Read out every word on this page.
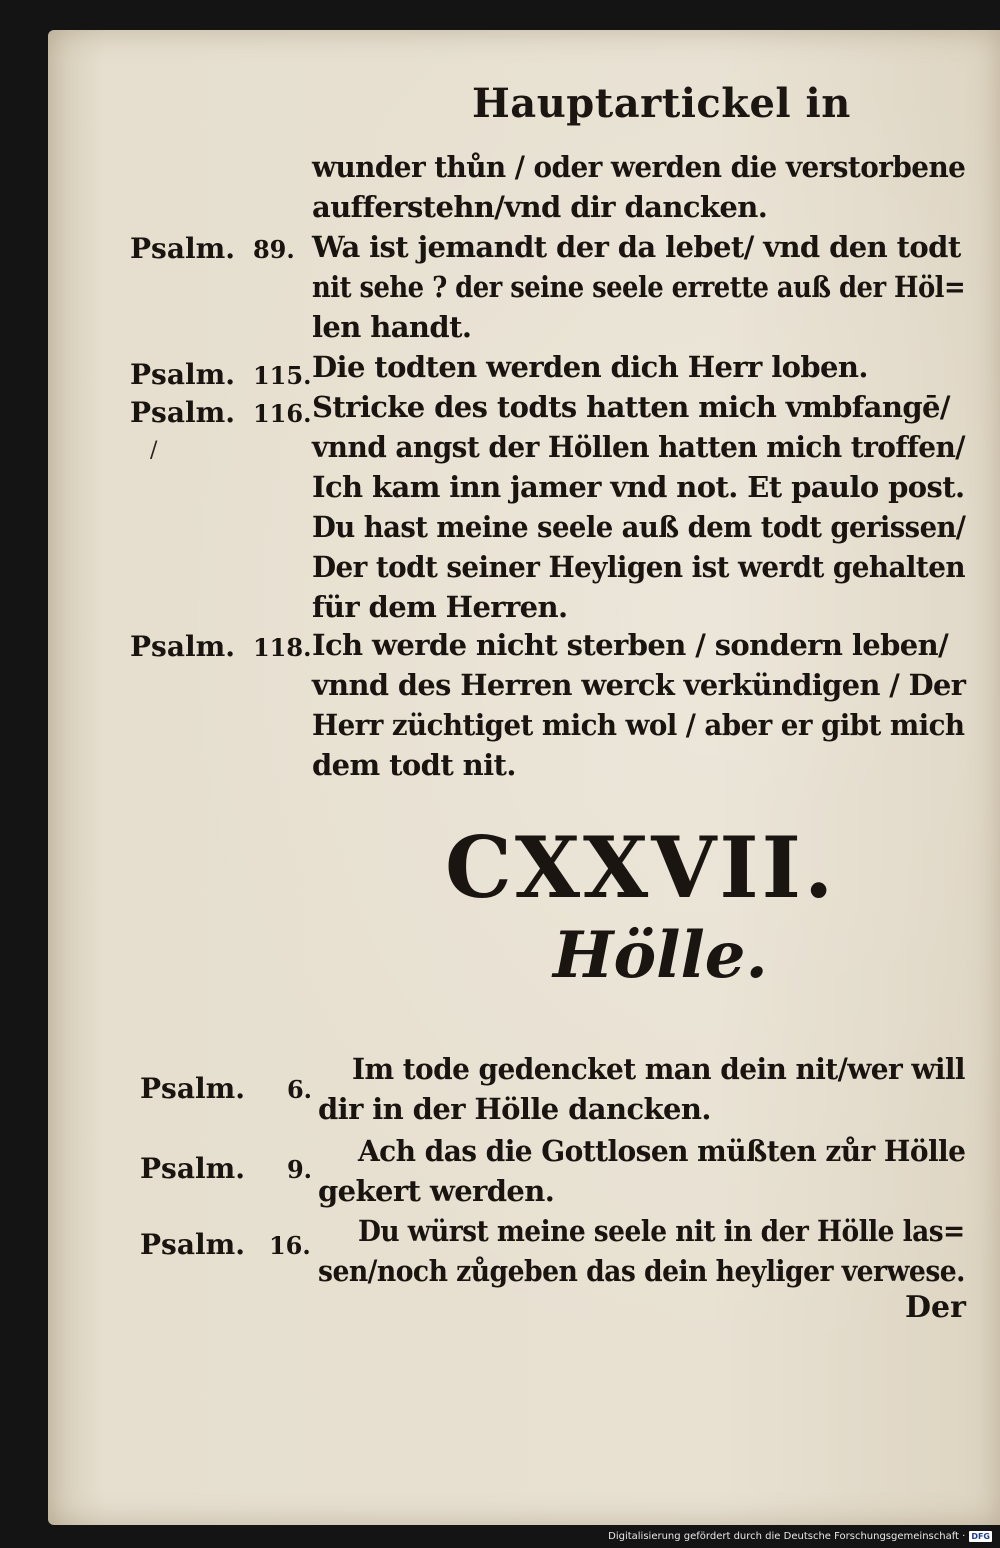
Hauptartickel in
wunder thůn / oder werden die verstorbene
aufferstehn/vnd dir dancken.
Psalm. 89.
Psalm. 115.
Psalm. 116.
/
Psalm. 118.
Wa ist jemandt der da lebet/ vnd den todt
nit sehe ? der seine seele errette auß der Höl=
len handt.
Die todten werden dich Herr loben.
Stricke des todts hatten mich vmbfangē/
vnnd angst der Höllen hatten mich troffen/
Ich kam inn jamer vnd not. Et paulo post.
Du hast meine seele auß dem todt gerissen/
Der todt seiner Heyligen ist werdt gehalten
für dem Herren.
Ich werde nicht sterben / sondern leben/
vnnd des Herren werck verkündigen / Der
Herr züchtiget mich wol / aber er gibt mich
dem todt nit.
CXXVII.
Hölle.
Psalm. 6.
Psalm. 9.
Psalm. 16.
Im tode gedencket man dein nit/wer will
dir in der Hölle dancken.
Ach das die Gottlosen müßten zůr Hölle
gekert werden.
Du würst meine seele nit in der Hölle las=
sen/noch zůgeben das dein heyliger verwese.
Der
Digitalisierung gefördert durch die Deutsche Forschungsgemeinschaft · DFG
